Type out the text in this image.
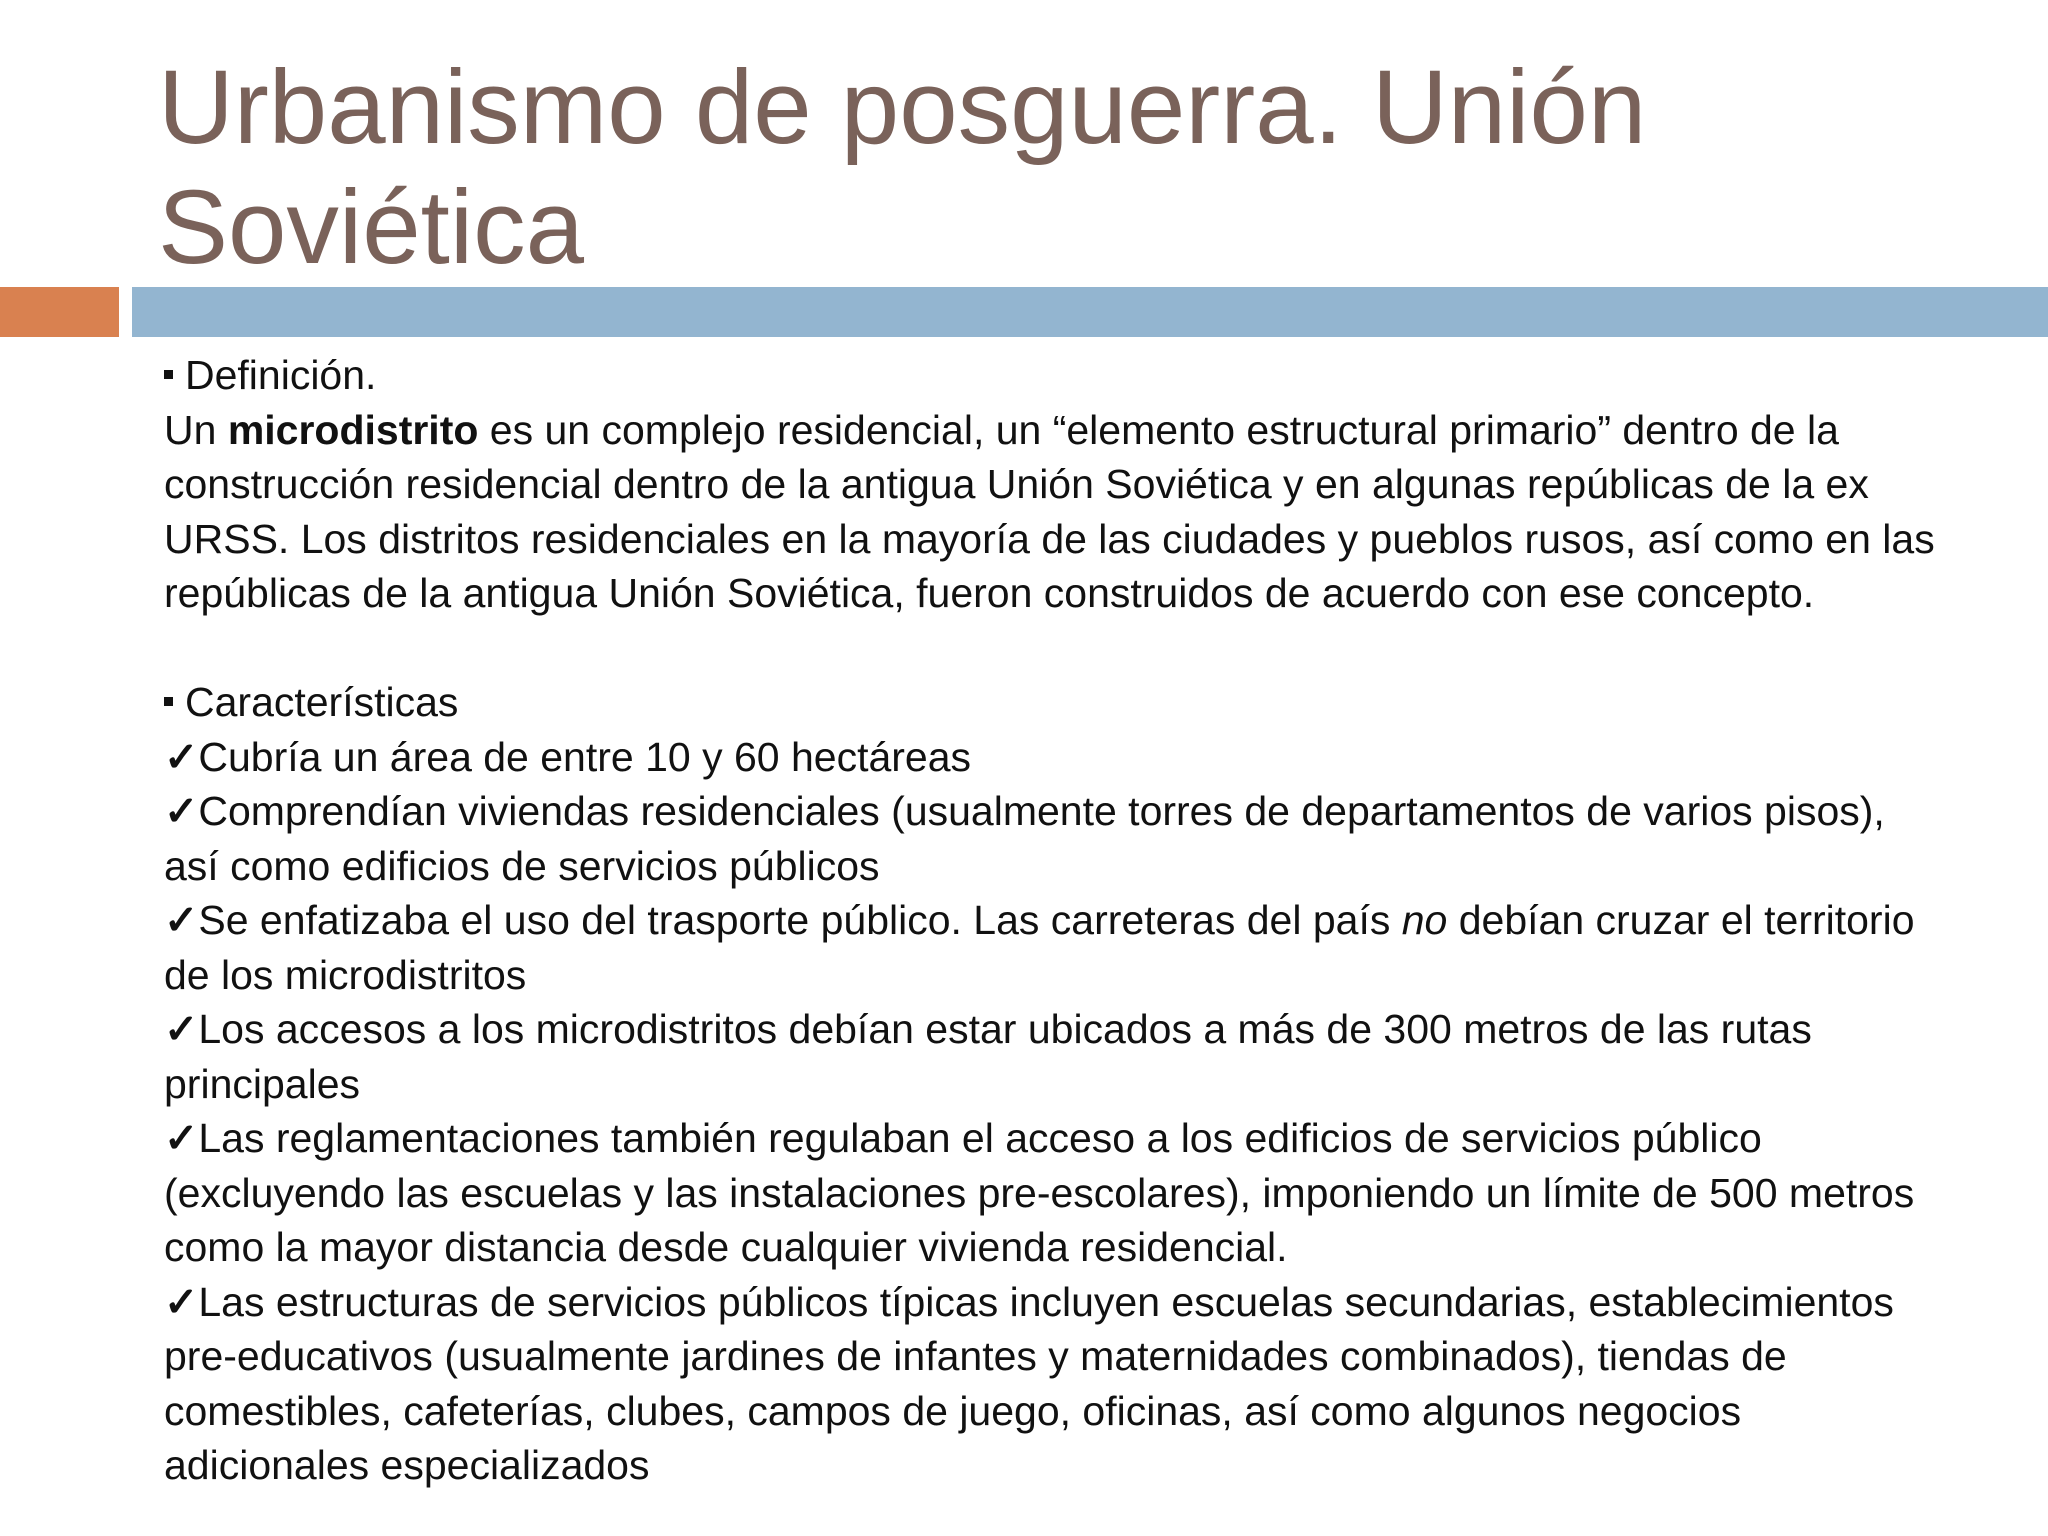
Urbanismo de posguerra. Unión Soviética

Definición.

Un microdistrito es un complejo residencial, un “elemento estructural primario” dentro de la construcción residencial dentro de la antigua Unión Soviética y en algunas repúblicas de la ex URSS. Los distritos residenciales en la mayoría de las ciudades y pueblos rusos, así como en las repúblicas de la antigua Unión Soviética, fueron construidos de acuerdo con ese concepto.

Características

✓Cubría un área de entre 10 y 60 hectáreas

✓Comprendían viviendas residenciales (usualmente torres de departamentos de varios pisos), así como edificios de servicios públicos

✓Se enfatizaba el uso del trasporte público. Las carreteras del país no debían cruzar el territorio de los microdistritos

✓Los accesos a los microdistritos debían estar ubicados a más de 300 metros de las rutas principales

✓Las reglamentaciones también regulaban el acceso a los edificios de servicios público (excluyendo las escuelas y las instalaciones pre-escolares), imponiendo un límite de 500 metros como la mayor distancia desde cualquier vivienda residencial.

✓Las estructuras de servicios públicos típicas incluyen escuelas secundarias, establecimientos pre-educativos (usualmente jardines de infantes y maternidades combinados), tiendas de comestibles, cafeterías, clubes, campos de juego, oficinas, así como algunos negocios adicionales especializados
